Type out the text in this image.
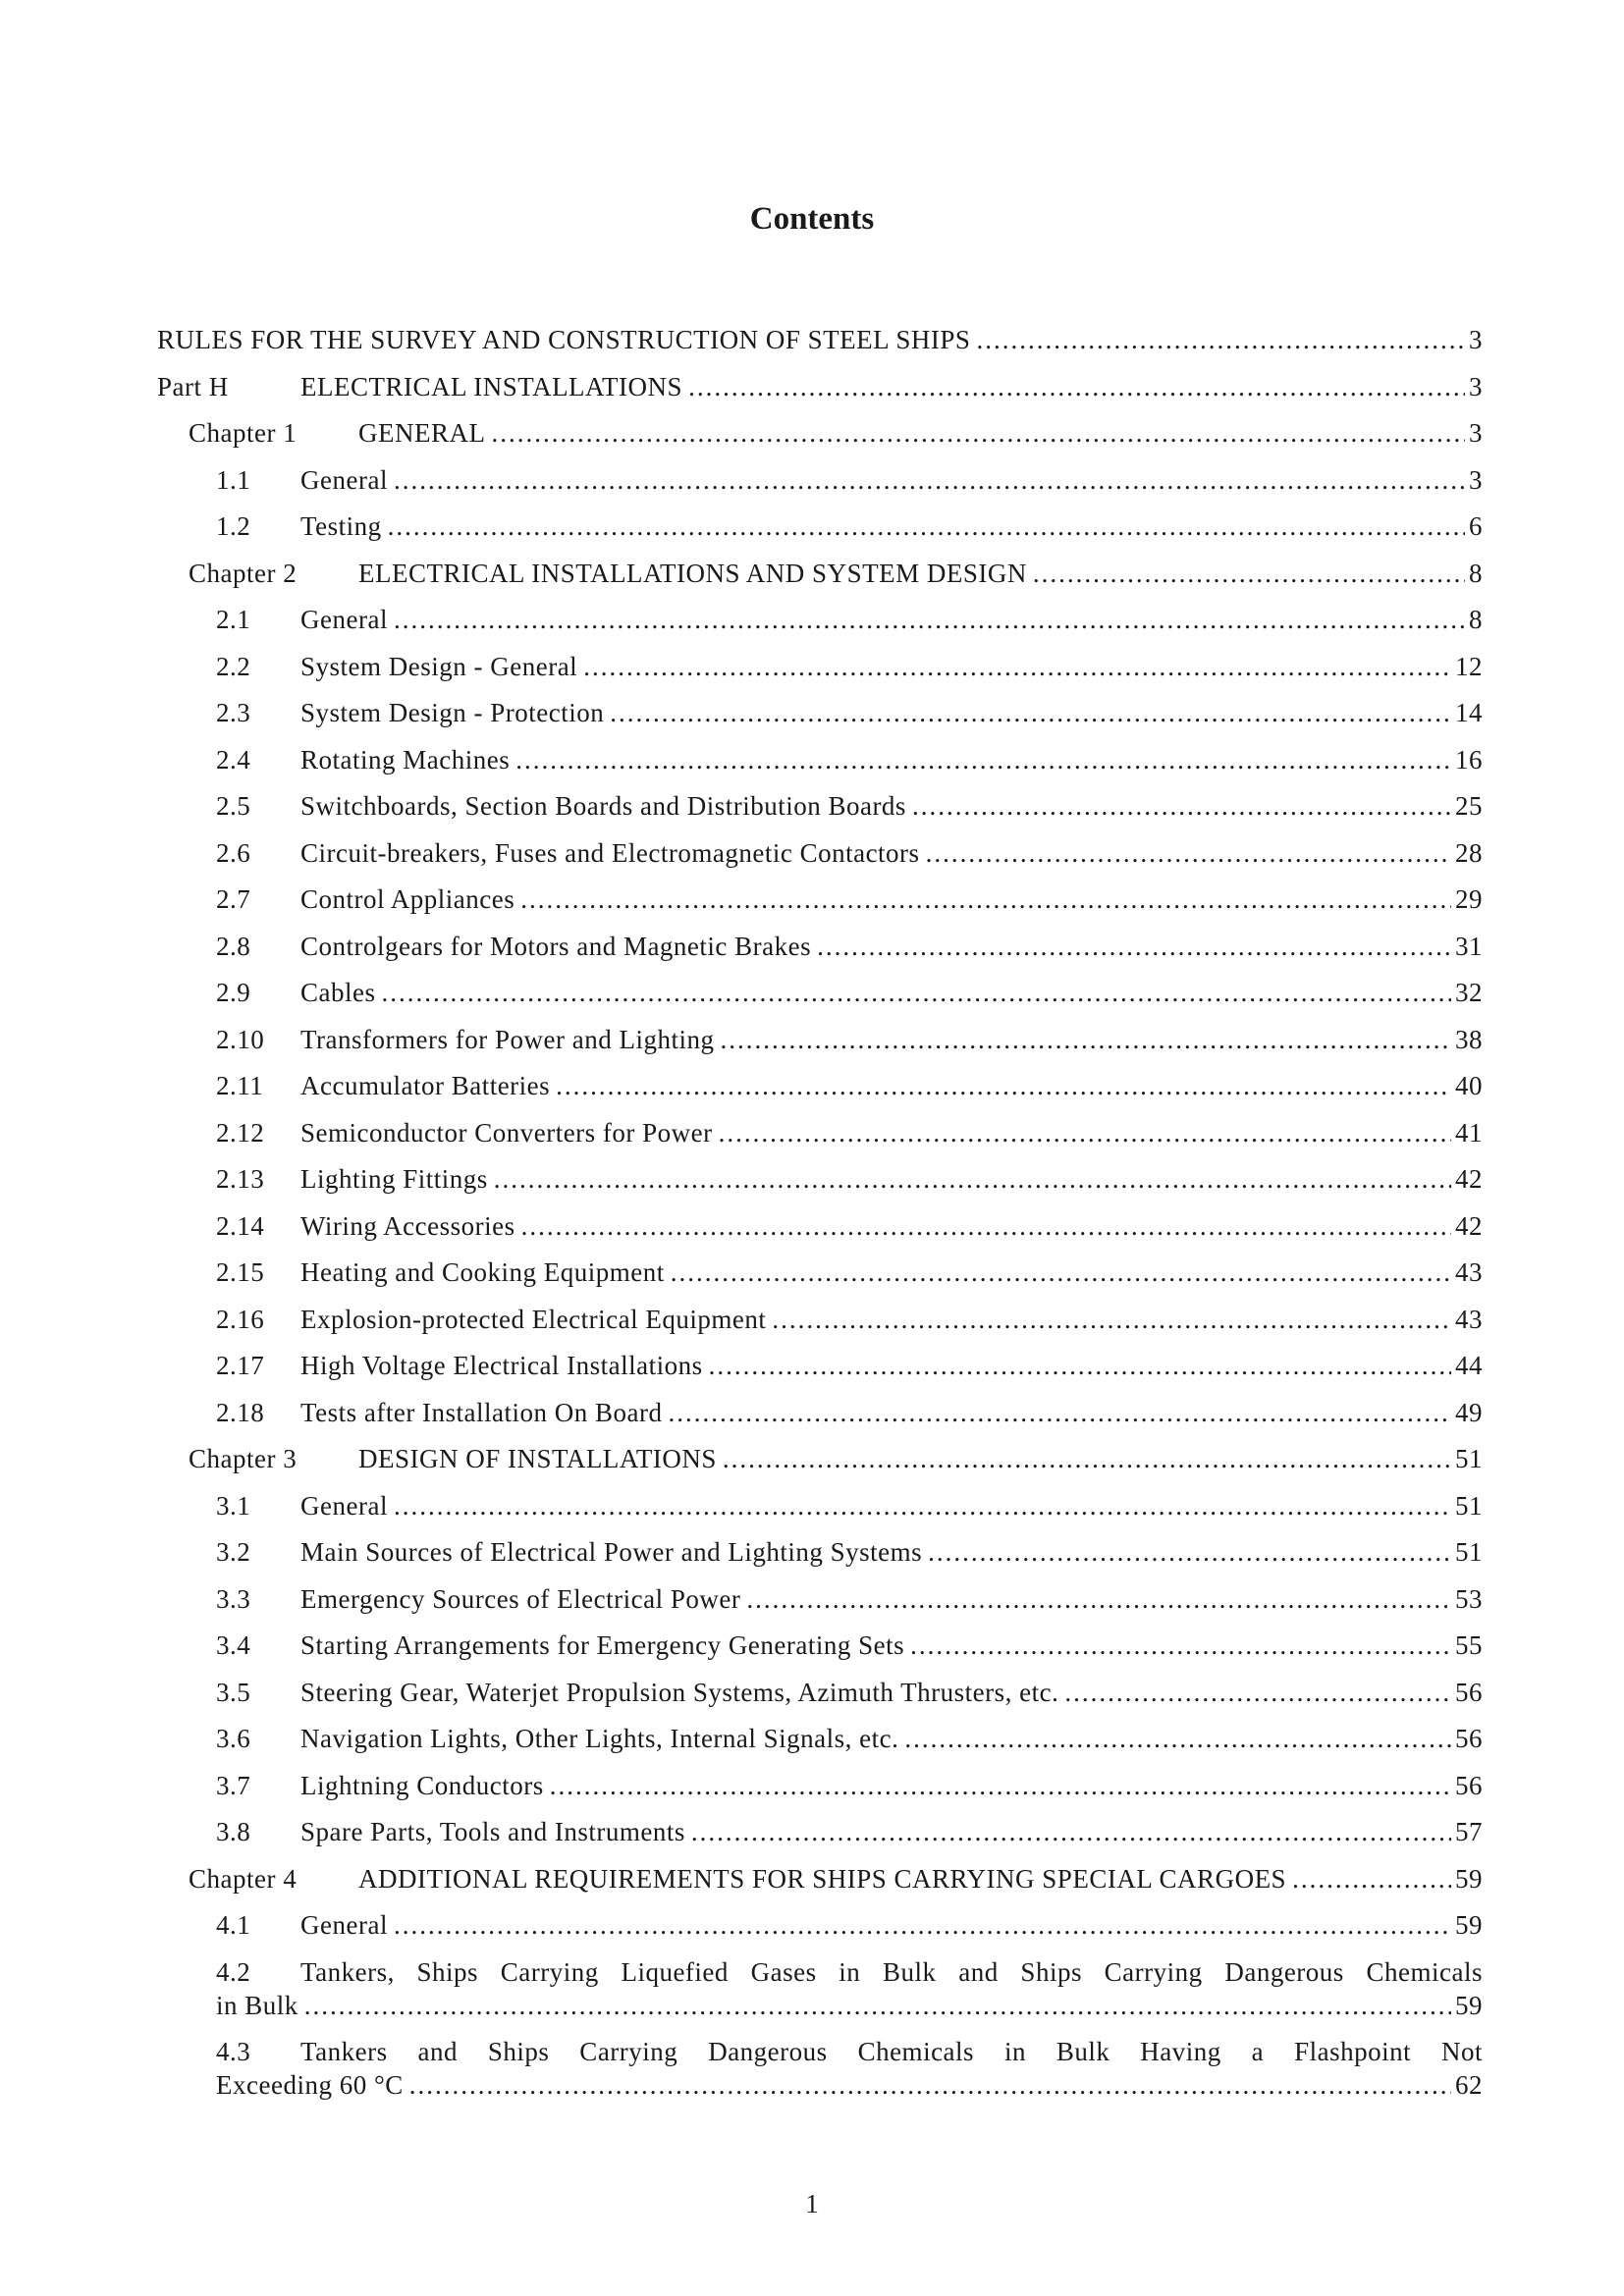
Contents
RULES FOR THE SURVEY AND CONSTRUCTION OF STEEL SHIPS .....	3
Part H	ELECTRICAL INSTALLATIONS .....	3
Chapter 1 GENERAL .....	3
1.1 General .....	3
1.2 Testing .....	6
Chapter 2 ELECTRICAL INSTALLATIONS AND SYSTEM DESIGN .....	8
2.1 General .....	8
2.2 System Design - General .....	12
2.3 System Design - Protection .....	14
2.4 Rotating Machines .....	16
2.5 Switchboards, Section Boards and Distribution Boards .....	25
2.6 Circuit-breakers, Fuses and Electromagnetic Contactors .....	28
2.7 Control Appliances .....	29
2.8 Controlgears for Motors and Magnetic Brakes .....	31
2.9 Cables .....	32
2.10 Transformers for Power and Lighting .....	38
2.11 Accumulator Batteries .....	40
2.12 Semiconductor Converters for Power .....	41
2.13 Lighting Fittings .....	42
2.14 Wiring Accessories .....	42
2.15 Heating and Cooking Equipment .....	43
2.16 Explosion-protected Electrical Equipment .....	43
2.17 High Voltage Electrical Installations .....	44
2.18 Tests after Installation On Board .....	49
Chapter 3 DESIGN OF INSTALLATIONS .....	51
3.1 General .....	51
3.2 Main Sources of Electrical Power and Lighting Systems .....	51
3.3 Emergency Sources of Electrical Power .....	53
3.4 Starting Arrangements for Emergency Generating Sets .....	55
3.5 Steering Gear, Waterjet Propulsion Systems, Azimuth Thrusters, etc. .....	56
3.6 Navigation Lights, Other Lights, Internal Signals, etc. .....	56
3.7 Lightning Conductors .....	56
3.8 Spare Parts, Tools and Instruments .....	57
Chapter 4 ADDITIONAL REQUIREMENTS FOR SHIPS CARRYING SPECIAL CARGOES .....	59
4.1 General .....	59
4.2 Tankers, Ships Carrying Liquefied Gases in Bulk and Ships Carrying Dangerous Chemicals
in Bulk .....	59
4.3 Tankers and Ships Carrying Dangerous Chemicals in Bulk Having a Flashpoint Not
Exceeding 60 °C .....	62
1
